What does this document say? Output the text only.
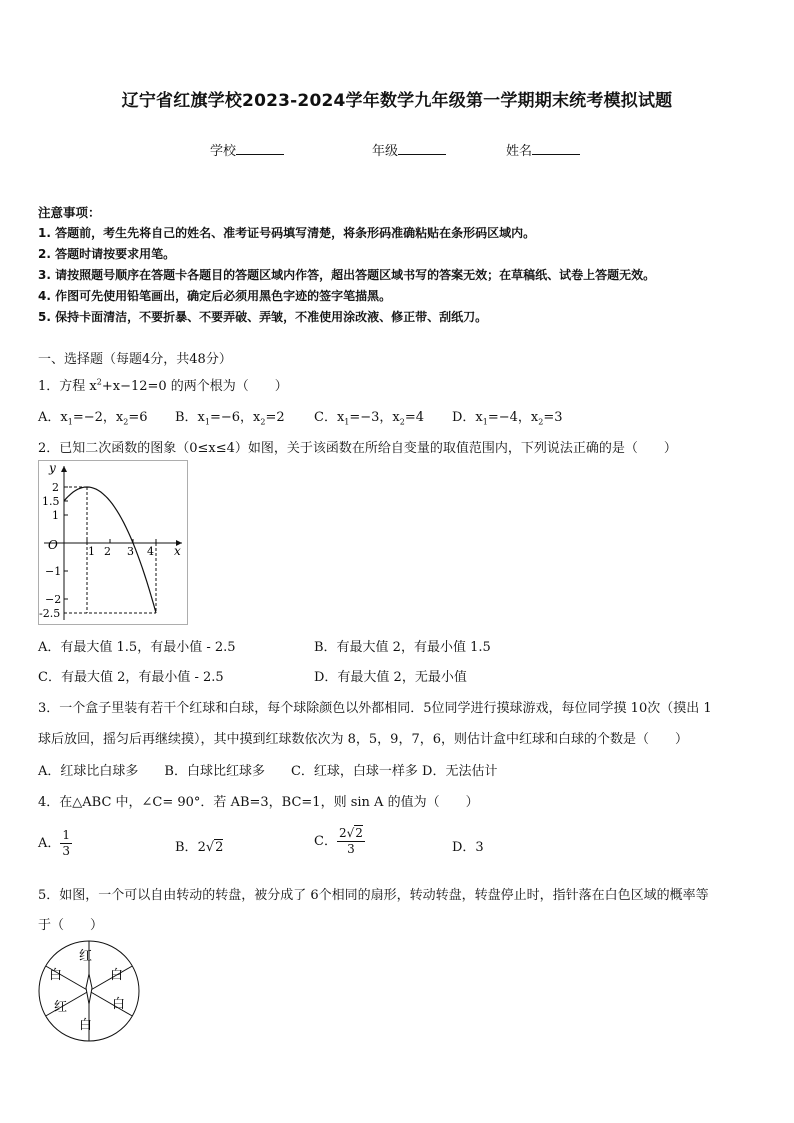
辽宁省红旗学校2023-2024学年数学九年级第一学期期末统考模拟试题
学校	年级	姓名
注意事项：
1. 答题前，考生先将自己的姓名、准考证号码填写清楚，将条形码准确粘贴在条形码区域内。
2. 答题时请按要求用笔。
3. 请按照题号顺序在答题卡各题目的答题区域内作答，超出答题区域书写的答案无效；在草稿纸、试卷上答题无效。
4. 作图可先使用铅笔画出，确定后必须用黑色字迹的签字笔描黑。
5. 保持卡面清洁，不要折暴、不要弄破、弄皱，不准使用涂改液、修正带、刮纸刀。
一、选择题（每题4分，共48分）
1．方程 $x^2+x-12=0$ 的两个根为（　　）
A．$x_1=-2$，$x_2=6$ B．$x_1=-6$，$x_2=2$ C．$x_1=-3$，$x_2=4$ D．$x_1=-4$，$x_2=3$
2．已知二次函数的图象（0≤x≤4）如图，关于该函数在所给自变量的取值范围内，下列说法正确的是（　　）
y
x
O
2
1.5
1
−1
−2
-2.5
1 2 3 4
A．有最大值 1.5，有最小值 - 2.5	B．有最大值 2，有最小值 1.5
C．有最大值 2，有最小值 - 2.5	D．有最大值 2，无最小值
3．一个盒子里装有若干个红球和白球，每个球除颜色以外都相同．5位同学进行摸球游戏，每位同学摸 10次（摸出 1
球后放回，摇匀后再继续摸），其中摸到红球数依次为 8，5，9，7，6，则估计盒中红球和白球的个数是（　　）
A．红球比白球多　　B．白球比红球多　　C．红球，白球一样多 D．无法估计
4．在△ABC 中，∠C= 90°．若 AB=3，BC=1，则 sin A 的值为（　　）
A． $\frac{1}{3}$	B．2√2	C． $\frac{2√2}{3}$	D．3
5．如图，一个可以自由转动的转盘，被分成了 6个相同的扇形，转动转盘，转盘停止时，指针落在白色区域的概率等
于（　　）
红
白
白
白
红
白
